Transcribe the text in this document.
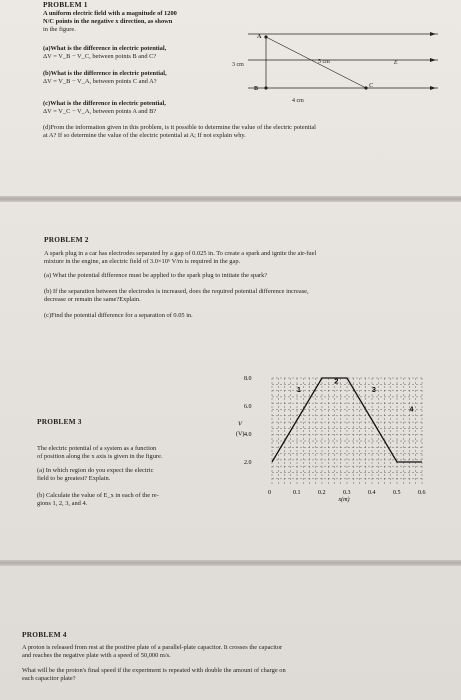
PROBLEM 1
A uniform electric field with a magnitude of 1200
N/C points in the negative x direction, as shown
in the figure.
(a)What is the difference in electric potential,
ΔV = V_B − V_C, between points B and C?
(b)What is the difference in electric potential,
ΔV = V_B − V_A, between points C and A?
(c)What is the difference in electric potential,
ΔV = V_C − V_A, between points A and B?
(d)From the information given in this problem, is it possible to determine the value of the electric potential
at A? If so determine the value of the electric potential at A; If not explain why.
A
B	C
E
3 cm	5 cm
4 cm
PROBLEM 2
A spark plug in a car has electrodes separated by a gap of 0.025 in. To create a spark and ignite the air-fuel
mixture in the engine, an electric field of 3.0×10⁶ V/m is required in the gap.
(a) What the potential difference must be applied to the spark plug to initiate the spark?
(b) If the separation between the electrodes is increased, does the required potential difference increase,
decrease or remain the same?Explain.
(c)Find the potential difference for a separation of 0.05 in.
PROBLEM 3
The electric potential of a system as a function
of position along the x axis is given in the figure.
(a) In which region do you expect the electric
field to be greatest? Explain.
(b) Calculate the value of E_x in each of the re-
gions 1, 2, 3, and 4.
1
2
3
4
2.0
4.0
6.0
8.0
V
(V)
0	0.1	0.2	0.3	0.4	0.5	0.6
x(m)
PROBLEM 4
A proton is released from rest at the positive plate of a parallel-plate capacitor. It crosses the capacitor
and reaches the negative plate with a speed of 50,000 m/s.
What will be the proton's final speed if the experiment is repeated with double the amount of charge on
each capacitor plate?
